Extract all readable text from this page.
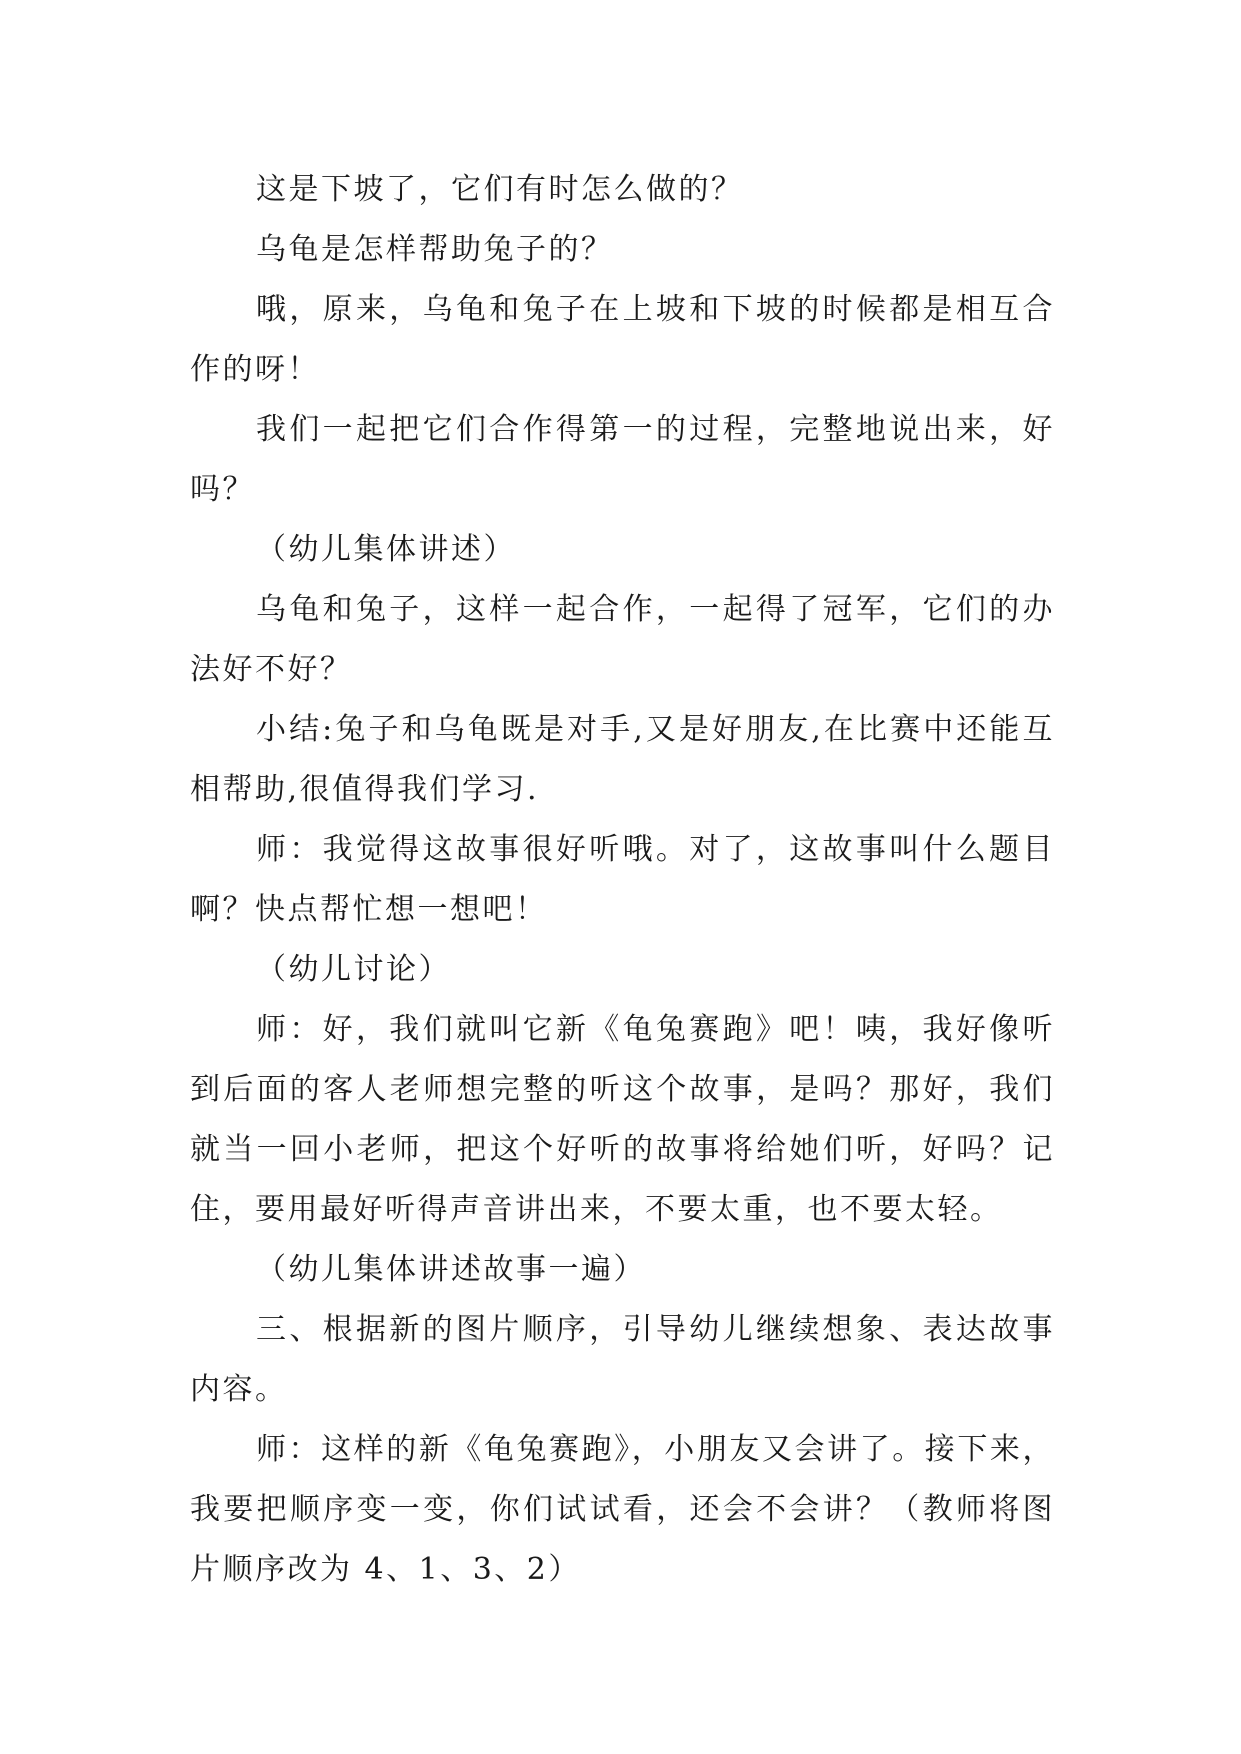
这是下坡了，它们有时怎么做的？

乌龟是怎样帮助兔子的？

哦，原来，乌龟和兔子在上坡和下坡的时候都是相互合作的呀！

我们一起把它们合作得第一的过程，完整地说出来，好吗？

（幼儿集体讲述）

乌龟和兔子，这样一起合作，一起得了冠军，它们的办法好不好？

小结:兔子和乌龟既是对手,又是好朋友,在比赛中还能互相帮助,很值得我们学习.

师：我觉得这故事很好听哦。对了，这故事叫什么题目啊？快点帮忙想一想吧！

（幼儿讨论）

师：好，我们就叫它新《龟兔赛跑》吧！咦，我好像听到后面的客人老师想完整的听这个故事，是吗？那好，我们就当一回小老师，把这个好听的故事将给她们听，好吗？记住，要用最好听得声音讲出来，不要太重，也不要太轻。

（幼儿集体讲述故事一遍）

三、根据新的图片顺序，引导幼儿继续想象、表达故事内容。

师：这样的新《龟兔赛跑》，小朋友又会讲了。接下来，我要把顺序变一变，你们试试看，还会不会讲？（教师将图片顺序改为 4、1、3、2）
